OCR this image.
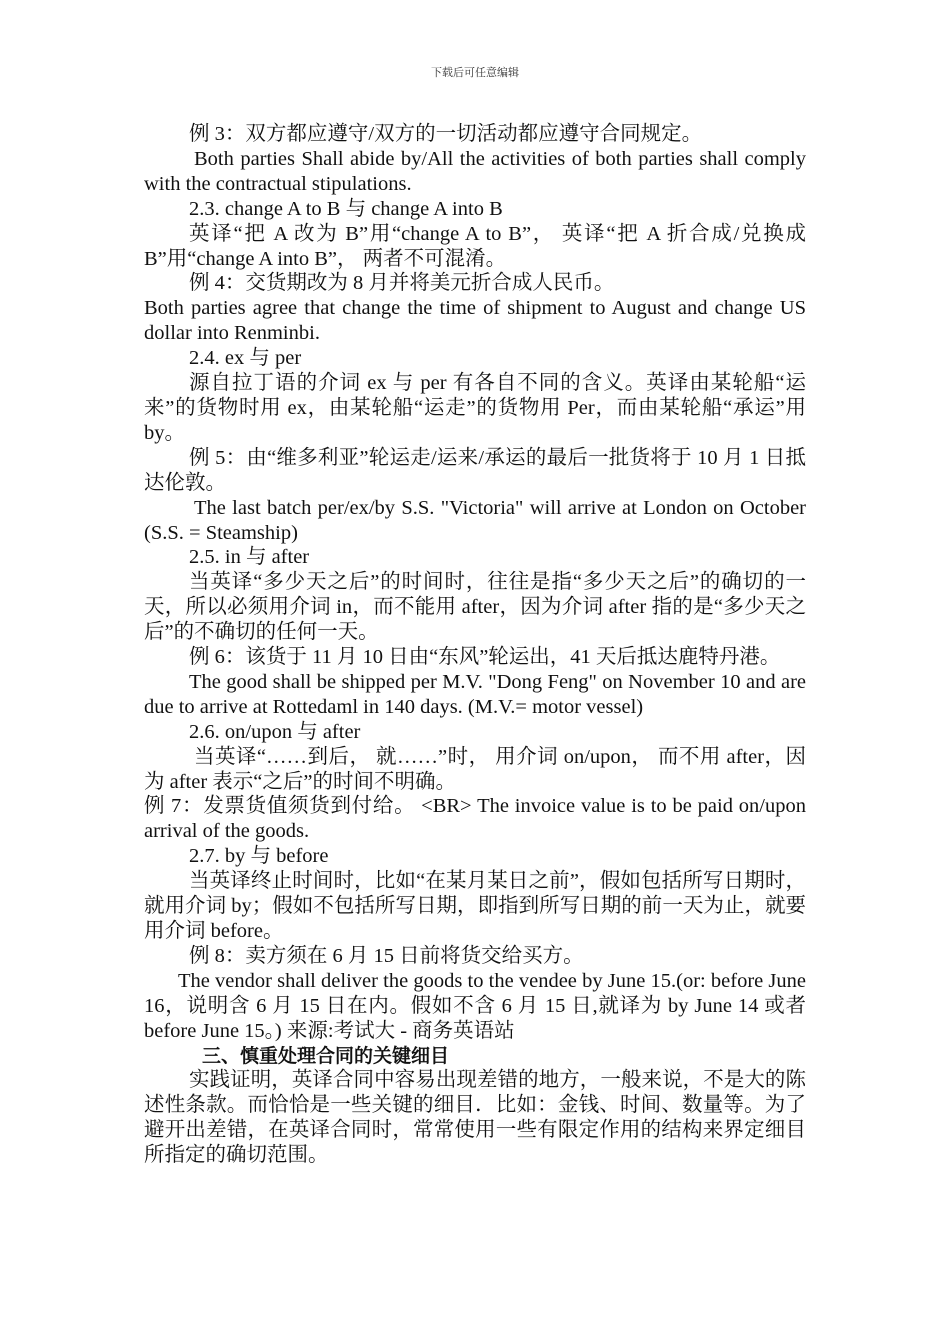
下载后可任意编辑

例 3：双方都应遵守/双方的一切活动都应遵守合同规定。

Both parties Shall abide by/All the activities of both parties shall comply with the contractual stipulations.

2.3. change A to B 与 change A into B

英译“把 A 改为 B”用“change A to B”， 英译“把 A 折合成/兑换成 B”用“change A into B”， 两者不可混淆。

例 4：交货期改为 8 月并将美元折合成人民币。

Both parties agree that change the time of shipment to August and change US dollar into Renminbi.

2.4. ex 与 per

源自拉丁语的介词 ex 与 per 有各自不同的含义。英译由某轮船“运来”的货物时用 ex，由某轮船“运走”的货物用 Per，而由某轮船“承运”用 by。

例 5：由“维多利亚”轮运走/运来/承运的最后一批货将于 10 月 1 日抵达伦敦。

The last batch per/ex/by S.S. "Victoria" will arrive at London on October (S.S. = Steamship)

2.5. in 与 after

当英译“多少天之后”的时间时，往往是指“多少天之后”的确切的一天，所以必须用介词 in，而不能用 after，因为介词 after 指的是“多少天之后”的不确切的任何一天。

例 6：该货于 11 月 10 日由“东风”轮运出，41 天后抵达鹿特丹港。

The good shall be shipped per M.V. "Dong Feng" on November 10 and are due to arrive at Rottedaml in 140 days. (M.V.= motor vessel)

2.6. on/upon 与 after

当英译“……到后， 就……”时， 用介词 on/upon， 而不用 after，因为 after 表示“之后”的时间不明确。

例 7：发票货值须货到付给。 <BR> The invoice value is to be paid on/upon arrival of the goods.

2.7. by 与 before

当英译终止时间时，比如“在某月某日之前”，假如包括所写日期时，就用介词 by；假如不包括所写日期，即指到所写日期的前一天为止，就要用介词 before。

例 8：卖方须在 6 月 15 日前将货交给买方。

The vendor shall deliver the goods to the vendee by June 15.(or: before June 16，说明含 6 月 15 日在内。假如不含 6 月 15 日,就译为 by June 14 或者 before June 15。) 来源:考试大 - 商务英语站

三、慎重处理合同的关键细目

实践证明，英译合同中容易出现差错的地方，一般来说，不是大的陈述性条款。而恰恰是一些关键的细目．比如：金钱、时间、数量等。为了避开出差错，在英译合同时，常常使用一些有限定作用的结构来界定细目所指定的确切范围。
